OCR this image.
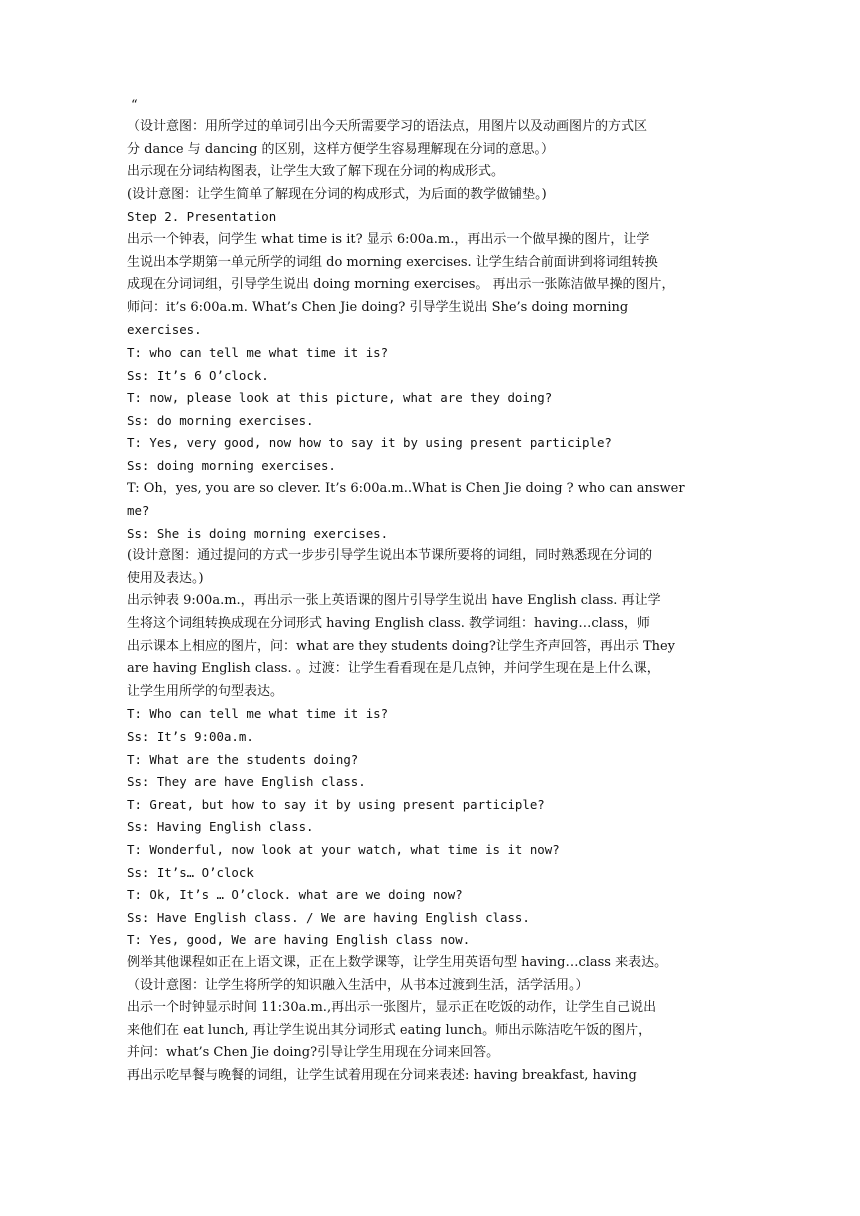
“
（设计意图：用所学过的单词引出今天所需要学习的语法点，用图片以及动画图片的方式区
分 dance 与 dancing 的区别，这样方便学生容易理解现在分词的意思。）
出示现在分词结构图表，让学生大致了解下现在分词的构成形式。
(设计意图：让学生简单了解现在分词的构成形式，为后面的教学做铺垫。)
Step 2. Presentation
出示一个钟表，问学生 what time is it? 显示 6:00a.m.，再出示一个做早操的图片，让学
生说出本学期第一单元所学的词组 do morning exercises. 让学生结合前面讲到将词组转换
成现在分词词组，引导学生说出 doing morning exercises。 再出示一张陈洁做早操的图片，
师问：it’s 6:00a.m. What’s Chen Jie doing? 引导学生说出 She’s doing morning
exercises.
T: who can tell me what time it is?
Ss: It’s 6 O’clock.
T: now, please look at this picture, what are they doing?
Ss: do morning exercises.
T: Yes, very good, now how to say it by using present participle?
Ss: doing morning exercises.
T: Oh，yes, you are so clever. It’s 6:00a.m..What is Chen Jie doing ? who can answer
me?
Ss: She is doing morning exercises.
(设计意图：通过提问的方式一步步引导学生说出本节课所要将的词组，同时熟悉现在分词的
使用及表达。)
出示钟表 9:00a.m.，再出示一张上英语课的图片引导学生说出 have English class. 再让学
生将这个词组转换成现在分词形式 having English class. 教学词组：having…class，师
出示课本上相应的图片，问：what are they students doing?让学生齐声回答，再出示 They
are having English class. 。过渡：让学生看看现在是几点钟，并问学生现在是上什么课，
让学生用所学的句型表达。
T: Who can tell me what time it is?
Ss: It’s 9:00a.m.
T: What are the students doing?
Ss: They are have English class.
T: Great, but how to say it by using present participle?
Ss: Having English class.
T: Wonderful, now look at your watch, what time is it now?
Ss: It’s… O’clock
T: Ok, It’s … O’clock. what are we doing now?
Ss: Have English class. / We are having English class.
T: Yes, good, We are having English class now.
例举其他课程如正在上语文课，正在上数学课等，让学生用英语句型 having…class 来表达。
（设计意图：让学生将所学的知识融入生活中，从书本过渡到生活，活学活用。）
出示一个时钟显示时间 11:30a.m.,再出示一张图片，显示正在吃饭的动作，让学生自己说出
来他们在 eat lunch, 再让学生说出其分词形式 eating lunch。师出示陈洁吃午饭的图片，
并问：what’s Chen Jie doing?引导让学生用现在分词来回答。
再出示吃早餐与晚餐的词组，让学生试着用现在分词来表述: having breakfast, having
